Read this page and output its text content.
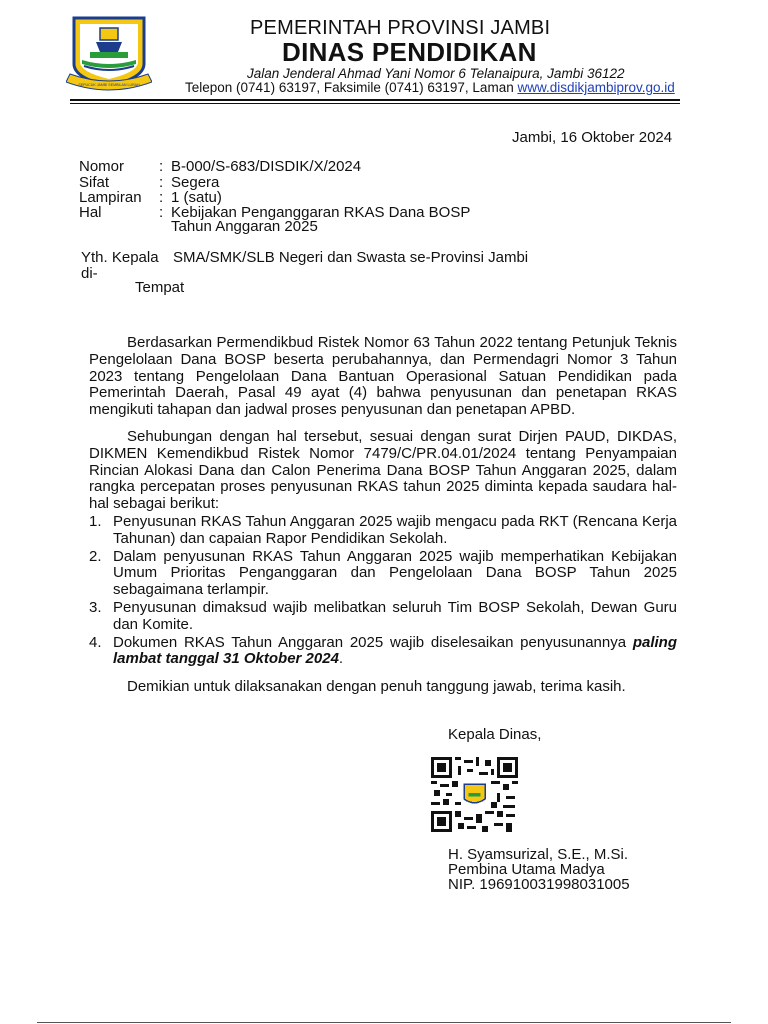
SEPUCUK JAMBI SEMBILAN LURAH
PEMERINTAH PROVINSI JAMBI
DINAS PENDIDIKAN
Jalan Jenderal Ahmad Yani Nomor 6 Telanaipura, Jambi 36122
Telepon (0741) 63197, Faksimile (0741) 63197, Laman www.disdikjambiprov.go.id
Jambi, 16 Oktober 2024
Nomor : B-000/S-683/DISDIK/X/2024
Sifat	: Segera
Lampiran : 1 (satu)
Hal	: Kebijakan Penganggaran RKAS Dana BOSP
Tahun Anggaran 2025
Yth. Kepala SMA/SMK/SLB Negeri dan Swasta se-Provinsi Jambi
di-
Tempat
Berdasarkan Permendikbud Ristek Nomor 63 Tahun 2022 tentang Petunjuk Teknis Pengelolaan Dana BOSP beserta perubahannya, dan Permendagri Nomor 3 Tahun 2023 tentang Pengelolaan Dana Bantuan Operasional Satuan Pendidikan pada Pemerintah Daerah, Pasal 49 ayat (4) bahwa penyusunan dan penetapan RKAS mengikuti tahapan dan jadwal proses penyusunan dan penetapan APBD.
Sehubungan dengan hal tersebut, sesuai dengan surat Dirjen PAUD, DIKDAS, DIKMEN Kemendikbud Ristek Nomor 7479/C/PR.04.01/2024 tentang Penyampaian Rincian Alokasi Dana dan Calon Penerima Dana BOSP Tahun Anggaran 2025, dalam rangka percepatan proses penyusunan RKAS tahun 2025 diminta kepada saudara hal-hal sebagai berikut:
1. Penyusunan RKAS Tahun Anggaran 2025 wajib mengacu pada RKT (Rencana Kerja Tahunan) dan capaian Rapor Pendidikan Sekolah.
2. Dalam penyusunan RKAS Tahun Anggaran 2025 wajib memperhatikan Kebijakan Umum Prioritas Penganggaran dan Pengelolaan Dana BOSP Tahun 2025 sebagaimana terlampir.
3. Penyusunan dimaksud wajib melibatkan seluruh Tim BOSP Sekolah, Dewan Guru dan Komite.
4. Dokumen RKAS Tahun Anggaran 2025 wajib diselesaikan penyusunannya paling lambat tanggal 31 Oktober 2024.
Demikian untuk dilaksanakan dengan penuh tanggung jawab, terima kasih.
Kepala Dinas,
H. Syamsurizal, S.E., M.Si.
Pembina Utama Madya
NIP. 196910031998031005
